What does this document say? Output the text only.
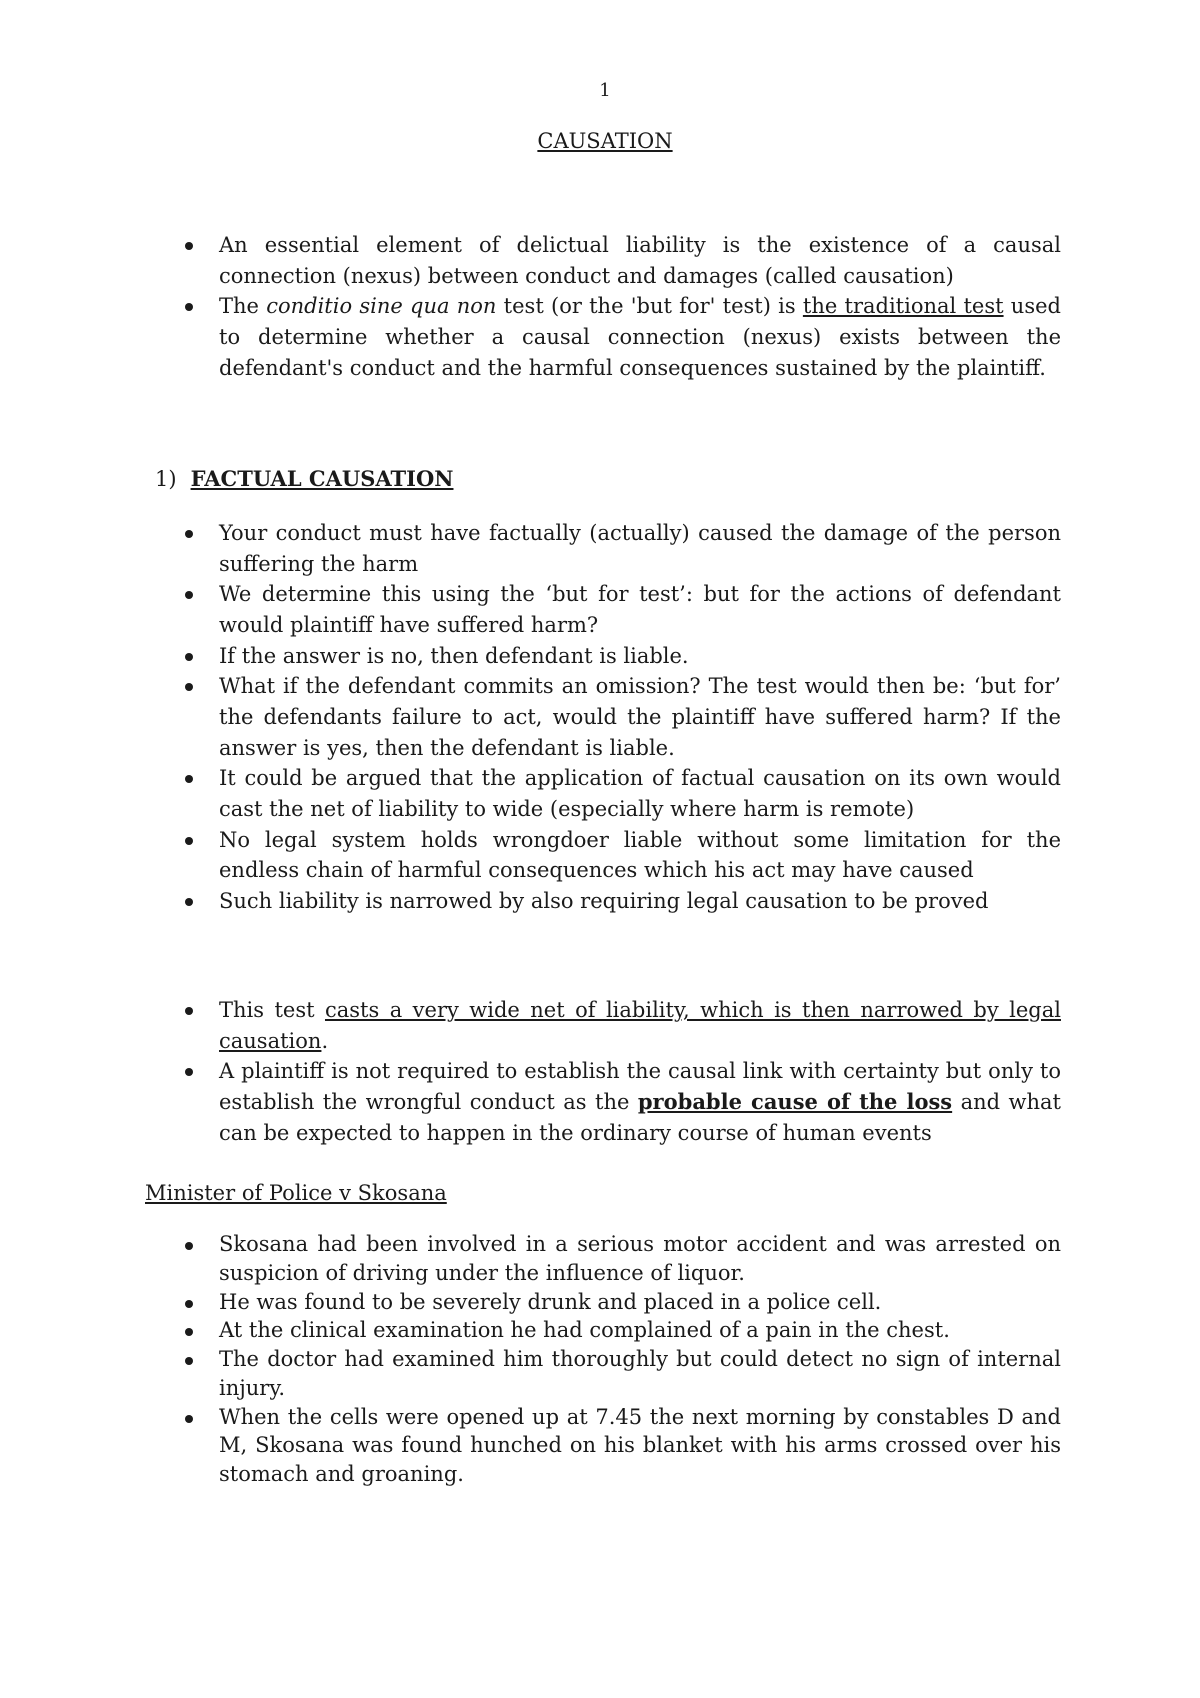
1
CAUSATION
An essential element of delictual liability is the existence of a causal connection (nexus) between conduct and damages (called causation)
The conditio sine qua non test (or the 'but for' test) is the traditional test used to determine whether a causal connection (nexus) exists between the defendant's conduct and the harmful consequences sustained by the plaintiff.
1) FACTUAL CAUSATION
Your conduct must have factually (actually) caused the damage of the person suffering the harm
We determine this using the ‘but for test’: but for the actions of defendant would plaintiff have suffered harm?
If the answer is no, then defendant is liable.
What if the defendant commits an omission? The test would then be: ‘but for’ the defendants failure to act, would the plaintiff have suffered harm? If the answer is yes, then the defendant is liable.
It could be argued that the application of factual causation on its own would cast the net of liability to wide (especially where harm is remote)
No legal system holds wrongdoer liable without some limitation for the endless chain of harmful consequences which his act may have caused
Such liability is narrowed by also requiring legal causation to be proved
This test casts a very wide net of liability, which is then narrowed by legal causation.
A plaintiff is not required to establish the causal link with certainty but only to establish the wrongful conduct as the probable cause of the loss and what can be expected to happen in the ordinary course of human events
Minister of Police v Skosana
Skosana had been involved in a serious motor accident and was arrested on suspicion of driving under the influence of liquor.
He was found to be severely drunk and placed in a police cell.
At the clinical examination he had complained of a pain in the chest.
The doctor had examined him thoroughly but could detect no sign of internal injury.
When the cells were opened up at 7.45 the next morning by constables D and M, Skosana was found hunched on his blanket with his arms crossed over his stomach and groaning.
